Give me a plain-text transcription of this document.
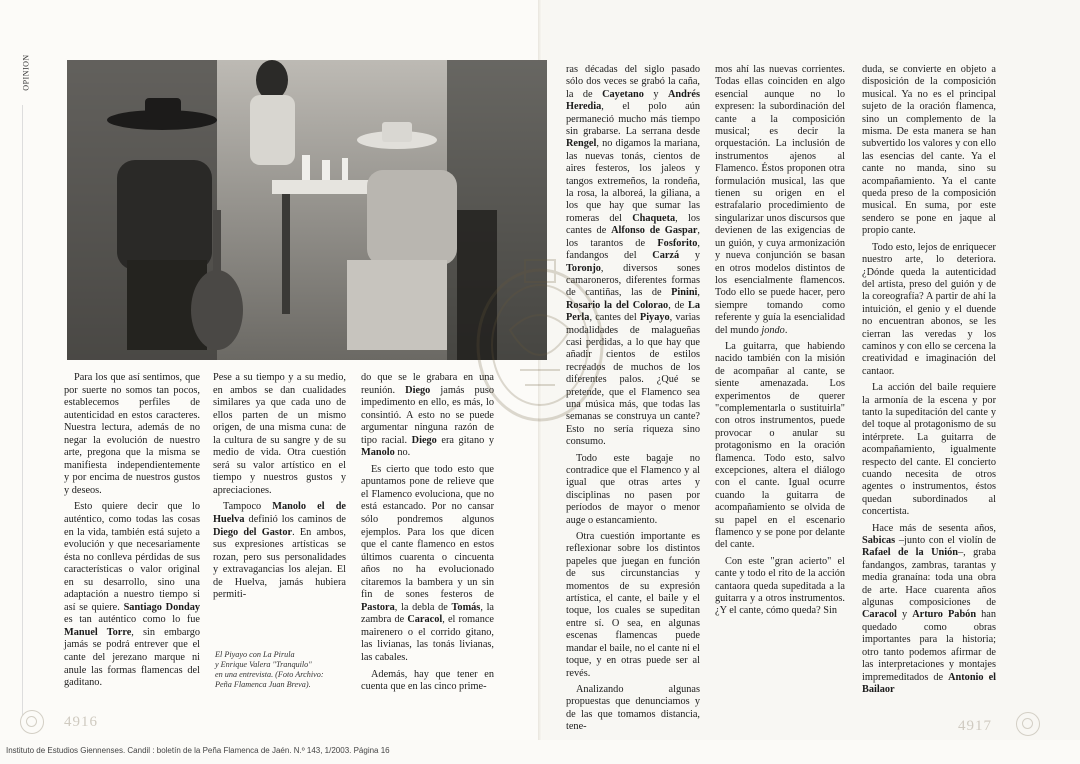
OPINION

Para los que así sentimos, que por suerte no somos tan pocos, establecemos perfiles de autenticidad en estos caracteres. Nuestra lectura, además de no negar la evolución de nuestro arte, pregona que la misma se manifiesta independientemente y por encima de nuestros gustos y deseos.

Esto quiere decir que lo auténtico, como todas las cosas en la vida, también está sujeto a evolución y que necesariamente ésta no conlleva pérdidas de sus características o valor original en su desarrollo, sino una adaptación a nuestro tiempo si así se quiere. Santiago Donday es tan auténtico como lo fue Manuel Torre, sin embargo jamás se podrá entrever que el cante del jerezano marque ni anule las formas flamencas del gaditano.

Pese a su tiempo y a su medio, en ambos se dan cualidades similares ya que cada uno de ellos parten de un mismo origen, de una misma cuna: de la cultura de su sangre y de su medio de vida. Otra cuestión será su valor artístico en el tiempo y nuestros gustos y apreciaciones.

Tampoco Manolo el de Huelva definió los caminos de Diego del Gastor. En ambos, sus expresiones artísticas se rozan, pero sus personalidades y extravagancias los alejan. El de Huelva, jamás hubiera permiti-

El Piyayo con La Pirula
y Enrique Valera "Tranquilo"
en una entrevista. (Foto Archivo:
Peña Flamenca Juan Breva).

do que se le grabara en una reunión. Diego jamás puso impedimento en ello, es más, lo consintió. A esto no se puede argumentar ninguna razón de tipo racial. Diego era gitano y Manolo no.

Es cierto que todo esto que apuntamos pone de relieve que el Flamenco evoluciona, que no está estancado. Por no cansar sólo pondremos algunos ejemplos. Para los que dicen que el cante flamenco en estos últimos cuarenta o cincuenta años no ha evolucionado citaremos la bambera y un sin fin de sones festeros de Pastora, la debla de Tomás, la zambra de Caracol, el romance mairenero o el corrido gitano, las livianas, las tonás livianas, las cabales.

Además, hay que tener en cuenta que en las cinco prime-

ras décadas del siglo pasado sólo dos veces se grabó la caña, la de Cayetano y Andrés Heredia, el polo aún permaneció mucho más tiempo sin grabarse. La serrana desde Rengel, no digamos la mariana, las nuevas tonás, cientos de aires festeros, los jaleos y tangos extremeños, la rondeña, la rosa, la alboreá, la giliana, a los que hay que sumar las romeras del Chaqueta, los cantes de Alfonso de Gaspar, los tarantos de Fosforito, fandangos del Carzá y Toronjo, diversos sones camaroneros, diferentes formas de cantiñas, las de Pinini, Rosario la del Colorao, de La Perla, cantes del Piyayo, varias modalidades de malagueñas casi perdidas, a lo que hay que añadir cientos de estilos recreados de muchos de los diferentes palos. ¿Qué se pretende, que el Flamenco sea una música más, que todas las semanas se construya un cante? Esto no sería riqueza sino consumo.

Todo este bagaje no contradice que el Flamenco y al igual que otras artes y disciplinas no pasen por períodos de mayor o menor auge o estancamiento.

Otra cuestión importante es reflexionar sobre los distintos papeles que juegan en función de sus circunstancias y momentos de su expresión artística, el cante, el baile y el toque, los cuales se supeditan entre sí. O sea, en algunas escenas flamencas puede mandar el baile, no el cante ni el toque, y en otras puede ser al revés.

Analizando algunas propuestas que denunciamos y de las que tomamos distancia, tene-

mos ahí las nuevas corrientes. Todas ellas coinciden en algo esencial aunque no lo expresen: la subordinación del cante a la composición musical; es decir la orquestación. La inclusión de instrumentos ajenos al Flamenco. Éstos proponen otra formulación musical, las que tienen su origen en el estrafalario procedimiento de singularizar unos discursos que devienen de las exigencias de un guión, y cuya armonización y nueva conjunción se basan en otros modelos distintos de los esencialmente flamencos. Todo ello se puede hacer, pero siempre tomando como referente y guía la esencialidad del mundo jondo.

La guitarra, que habiendo nacido también con la misión de acompañar al cante, se siente amenazada. Los experimentos de querer "complementarla o sustituirla" con otros instrumentos, puede provocar o anular su protagonismo en la oración flamenca. Todo esto, salvo excepciones, altera el diálogo con el cante. Igual ocurre cuando la guitarra de acompañamiento se olvida de su papel en el escenario flamenco y se pone por delante del cante.

Con este "gran acierto" el cante y todo el rito de la acción cantaora queda supeditada a la guitarra y a otros instrumentos. ¿Y el cante, cómo queda? Sin

duda, se convierte en objeto a disposición de la composición musical. Ya no es el principal sujeto de la oración flamenca, sino un complemento de la misma. De esta manera se han subvertido los valores y con ello las esencias del cante. Ya el cante no manda, sino su acompañamiento. Ya el cante queda preso de la composición musical. En suma, por este sendero se pone en jaque al propio cante.

Todo esto, lejos de enriquecer nuestro arte, lo deteriora. ¿Dónde queda la autenticidad del artista, preso del guión y de la coreografía? A partir de ahí la intuición, el genio y el duende no encuentran abonos, se les cierran las veredas y los caminos y con ello se cercena la creatividad e imaginación del cantaor.

La acción del baile requiere la armonía de la escena y por tanto la supeditación del cante y del toque al protagonismo de su intérprete. La guitarra de acompañamiento, igualmente respecto del cante. El concierto cuando necesita de otros agentes o instrumentos, éstos quedan subordinados al concertista.

Hace más de sesenta años, Sabicas –junto con el violín de Rafael de la Unión–, graba fandangos, zambras, tarantas y media granaína: toda una obra de arte. Hace cuarenta años algunas composiciones de Caracol y Arturo Pabón han quedado como obras importantes para la historia; otro tanto podemos afirmar de las interpretaciones y montajes impremeditados de Antonio el Bailaor

4916	4917
Instituto de Estudios Giennenses. Candil : boletín de la Peña Flamenca de Jaén. N.º 143, 1/2003. Página 16
